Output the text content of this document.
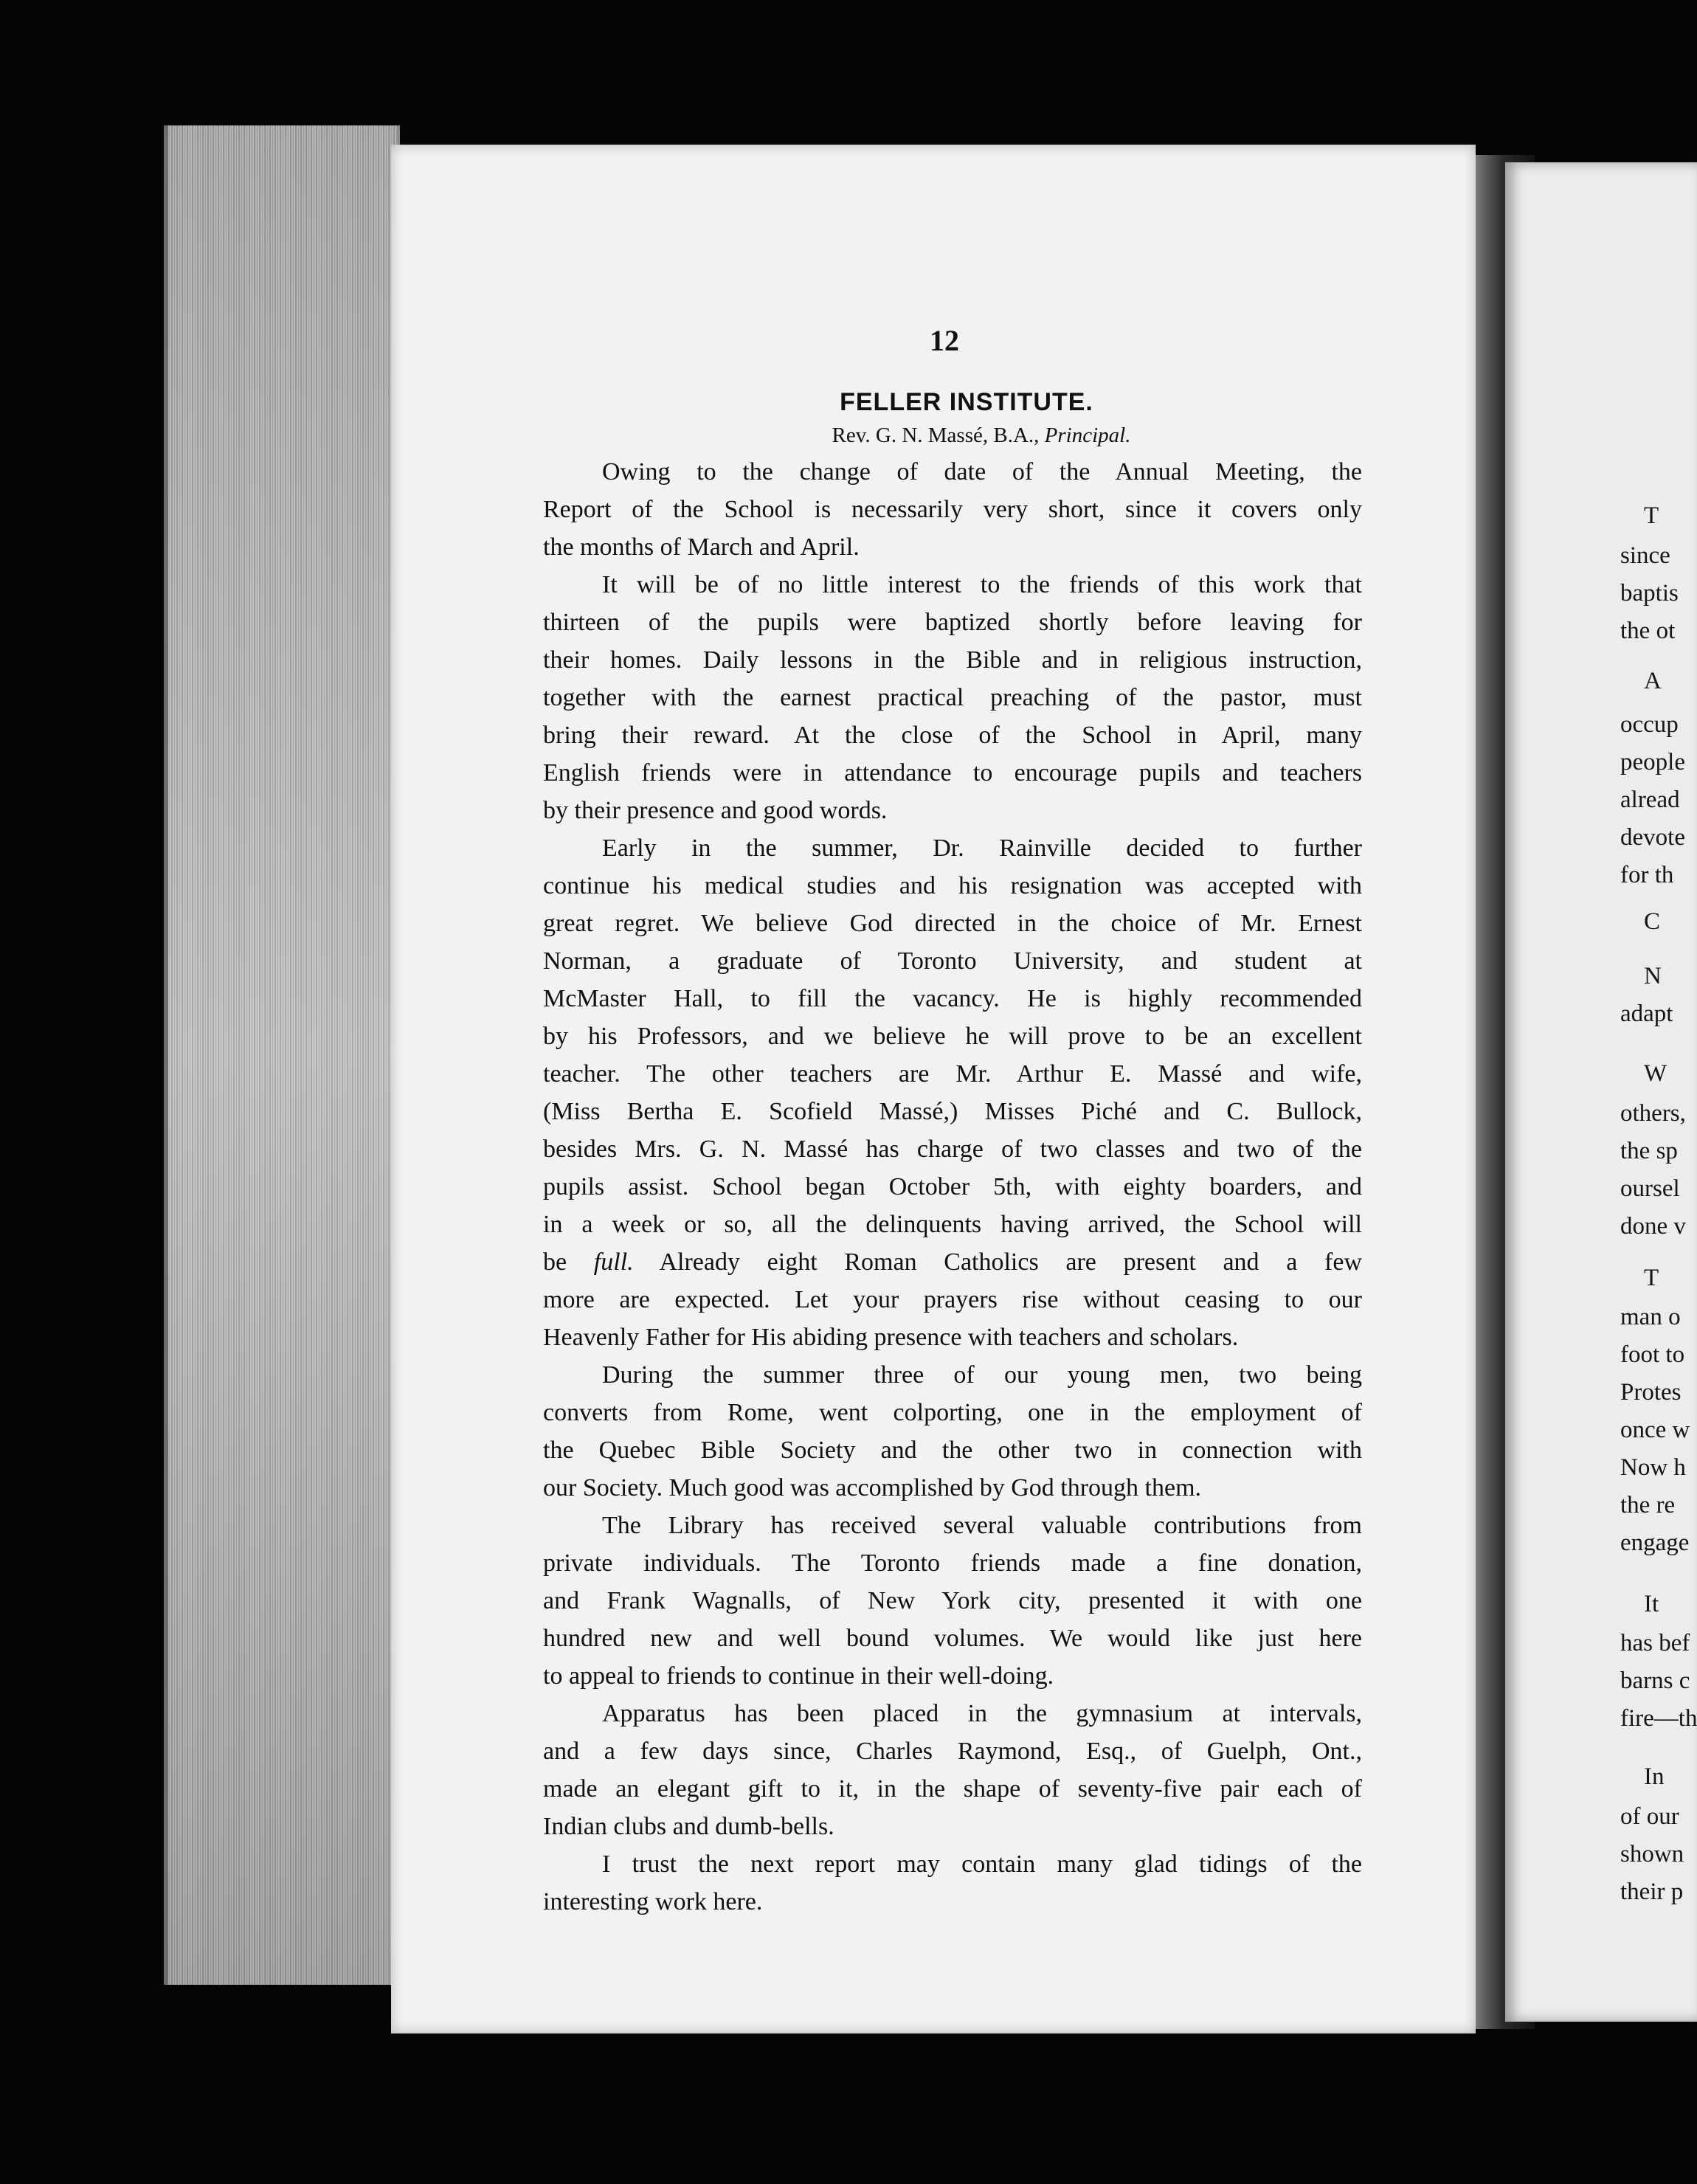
12
FELLER INSTITUTE.
Rev. G. N. Massé, B.A., Principal.
Owing to the change of date of the Annual Meeting, the
Report of the School is necessarily very short, since it covers only
the months of March and April.
It will be of no little interest to the friends of this work that
thirteen of the pupils were baptized shortly before leaving for
their homes. Daily lessons in the Bible and in religious instruction,
together with the earnest practical preaching of the pastor, must
bring their reward. At the close of the School in April, many
English friends were in attendance to encourage pupils and teachers
by their presence and good words.
Early in the summer, Dr. Rainville decided to further
continue his medical studies and his resignation was accepted with
great regret. We believe God directed in the choice of Mr. Ernest
Norman, a graduate of Toronto University, and student at
McMaster Hall, to fill the vacancy. He is highly recommended
by his Professors, and we believe he will prove to be an excellent
teacher. The other teachers are Mr. Arthur E. Massé and wife,
(Miss Bertha E. Scofield Massé,) Misses Piché and C. Bullock,
besides Mrs. G. N. Massé has charge of two classes and two of the
pupils assist. School began October 5th, with eighty boarders, and
in a week or so, all the delinquents having arrived, the School will
be full. Already eight Roman Catholics are present and a few
more are expected. Let your prayers rise without ceasing to our
Heavenly Father for His abiding presence with teachers and scholars.
During the summer three of our young men, two being
converts from Rome, went colporting, one in the employment of
the Quebec Bible Society and the other two in connection with
our Society. Much good was accomplished by God through them.
The Library has received several valuable contributions from
private individuals. The Toronto friends made a fine donation,
and Frank Wagnalls, of New York city, presented it with one
hundred new and well bound volumes. We would like just here
to appeal to friends to continue in their well-doing.
Apparatus has been placed in the gymnasium at intervals,
and a few days since, Charles Raymond, Esq., of Guelph, Ont.,
made an elegant gift to it, in the shape of seventy-five pair each of
Indian clubs and dumb-bells.
I trust the next report may contain many glad tidings of the
interesting work here.
T
since
baptis
the ot
A
occup
people
alread
devote
for th
C
N
adapt
W
others,
the sp
oursel
done v
T
man o
foot to
Protes
once w
Now h
the re
engage
It
has bef
barns c
fire—th
In
of our
shown
their p
